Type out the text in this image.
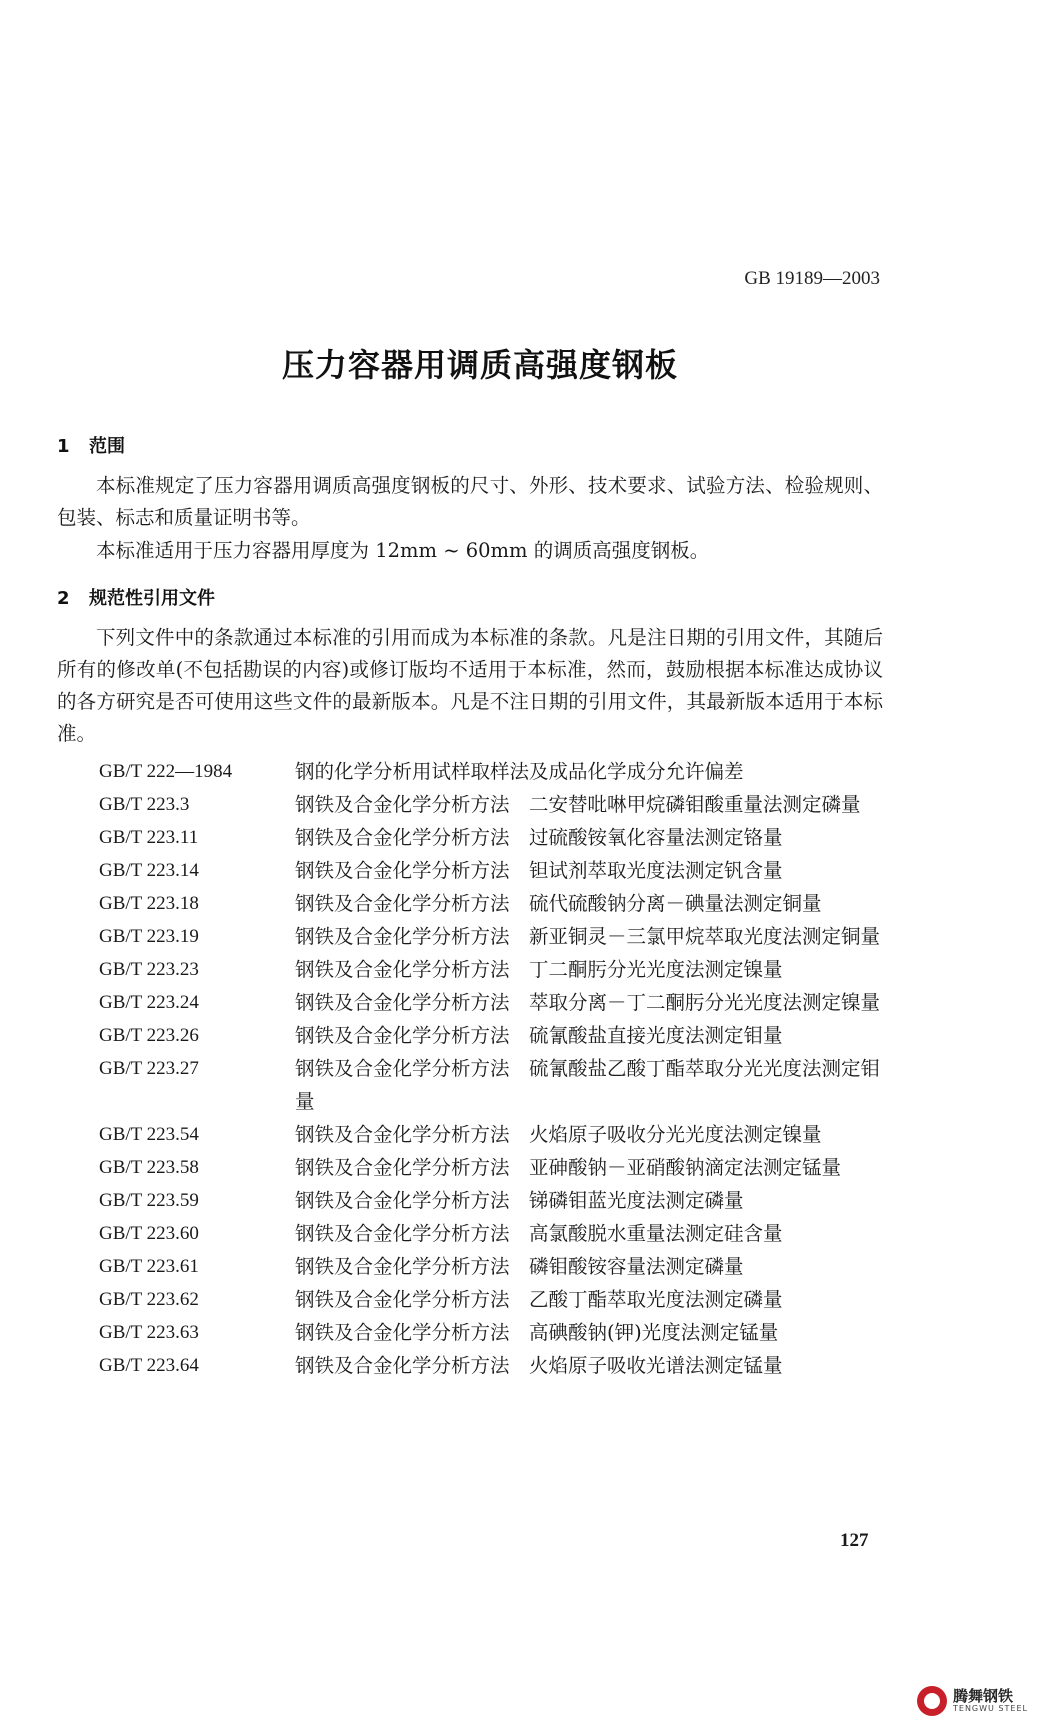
GB 19189—2003
压力容器用调质高强度钢板
1 范围
本标准规定了压力容器用调质高强度钢板的尺寸、外形、技术要求、试验方法、检验规则、包装、标志和质量证明书等。
本标准适用于压力容器用厚度为 12mm ~ 60mm 的调质高强度钢板。
2 规范性引用文件
下列文件中的条款通过本标准的引用而成为本标准的条款。凡是注日期的引用文件，其随后所有的修改单(不包括勘误的内容)或修订版均不适用于本标准，然而，鼓励根据本标准达成协议的各方研究是否可使用这些文件的最新版本。凡是不注日期的引用文件，其最新版本适用于本标准。
GB/T 222—1984	钢的化学分析用试样取样法及成品化学成分允许偏差
GB/T 223.3	钢铁及合金化学分析方法　二安替吡啉甲烷磷钼酸重量法测定磷量
GB/T 223.11	钢铁及合金化学分析方法　过硫酸铵氧化容量法测定铬量
GB/T 223.14	钢铁及合金化学分析方法　钽试剂萃取光度法测定钒含量
GB/T 223.18	钢铁及合金化学分析方法　硫代硫酸钠分离－碘量法测定铜量
GB/T 223.19	钢铁及合金化学分析方法　新亚铜灵－三氯甲烷萃取光度法测定铜量
GB/T 223.23	钢铁及合金化学分析方法　丁二酮肟分光光度法测定镍量
GB/T 223.24	钢铁及合金化学分析方法　萃取分离－丁二酮肟分光光度法测定镍量
GB/T 223.26	钢铁及合金化学分析方法　硫氰酸盐直接光度法测定钼量
GB/T 223.27	钢铁及合金化学分析方法　硫氰酸盐乙酸丁酯萃取分光光度法测定钼量
GB/T 223.54	钢铁及合金化学分析方法　火焰原子吸收分光光度法测定镍量
GB/T 223.58	钢铁及合金化学分析方法　亚砷酸钠－亚硝酸钠滴定法测定锰量
GB/T 223.59	钢铁及合金化学分析方法　锑磷钼蓝光度法测定磷量
GB/T 223.60	钢铁及合金化学分析方法　高氯酸脱水重量法测定硅含量
GB/T 223.61	钢铁及合金化学分析方法　磷钼酸铵容量法测定磷量
GB/T 223.62	钢铁及合金化学分析方法　乙酸丁酯萃取光度法测定磷量
GB/T 223.63	钢铁及合金化学分析方法　高碘酸钠(钾)光度法测定锰量
GB/T 223.64	钢铁及合金化学分析方法　火焰原子吸收光谱法测定锰量
127
腾舞钢铁
TENGWU STEEL
